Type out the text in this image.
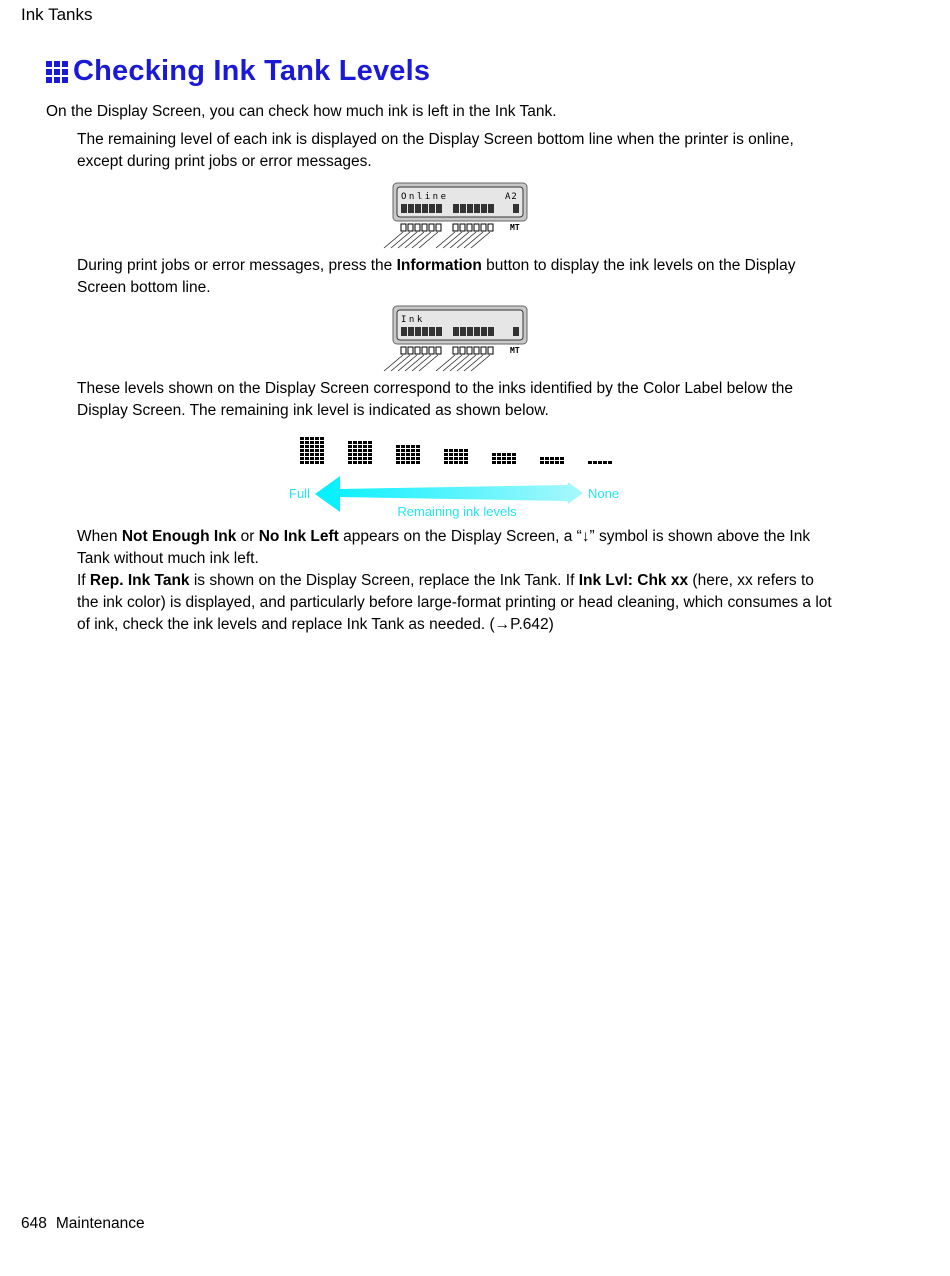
Ink Tanks
Checking Ink Tank Levels
On the Display Screen, you can check how much ink is left in the Ink Tank.
The remaining level of each ink is displayed on the Display Screen bottom line when the printer is online, except during print jobs or error messages.
Online	A2
MT
During print jobs or error messages, press the Information button to display the ink levels on the Display Screen bottom line.
Ink
MT
These levels shown on the Display Screen correspond to the inks identified by the Color Label below the Display Screen. The remaining ink level is indicated as shown below.
Full	None
Remaining ink levels
When Not Enough Ink or No Ink Left appears on the Display Screen, a “↓” symbol is shown above the Ink Tank without much ink left.
If Rep. Ink Tank is shown on the Display Screen, replace the Ink Tank. If Ink Lvl: Chk xx (here, xx refers to the ink color) is displayed, and particularly before large-format printing or head cleaning, which consumes a lot of ink, check the ink levels and replace Ink Tank as needed. (→P.642)
648 Maintenance
